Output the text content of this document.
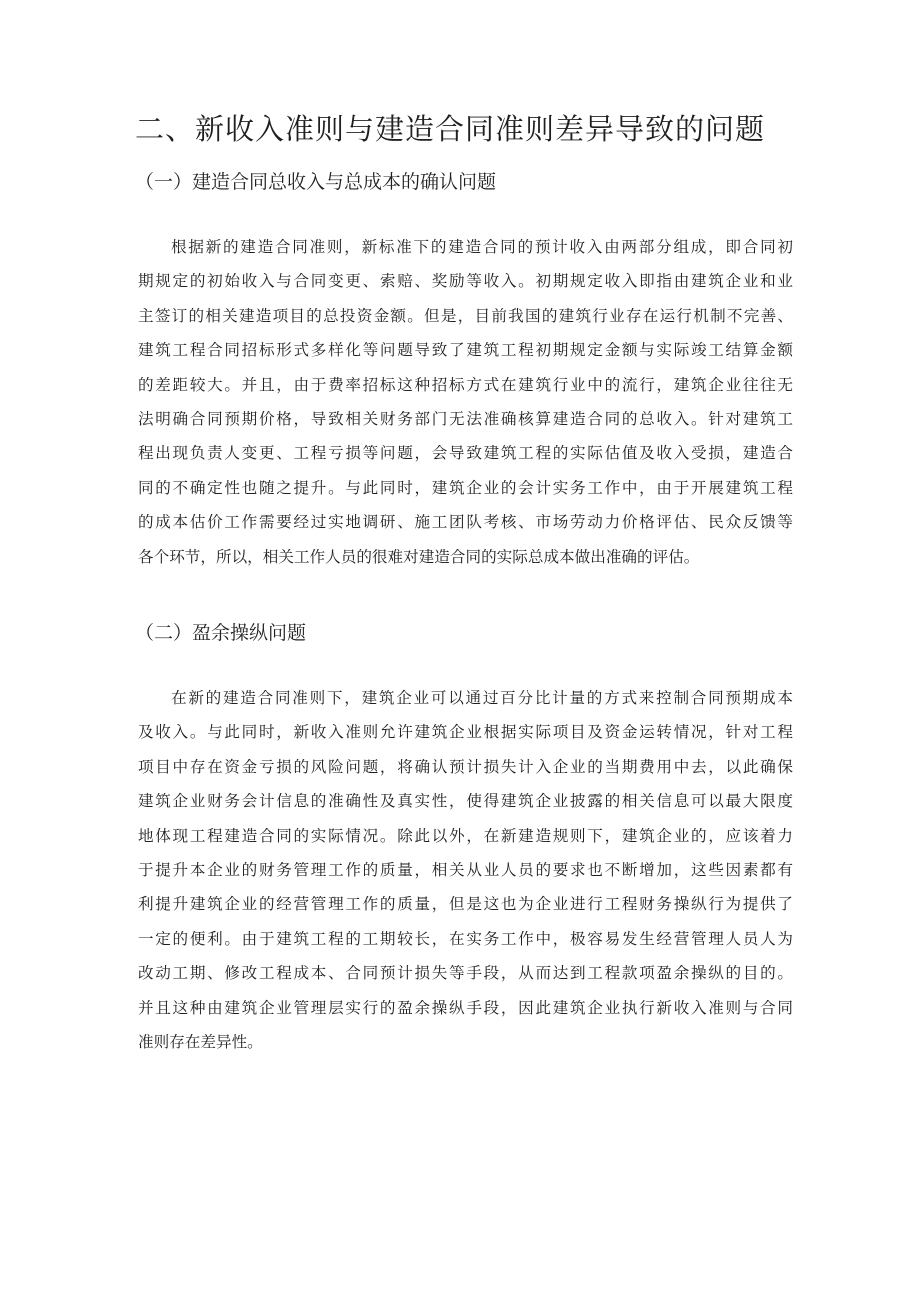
二、新收入准则与建造合同准则差异导致的问题
（一）建造合同总收入与总成本的确认问题

根据新的建造合同准则，新标准下的建造合同的预计收入由两部分组成，即合同初
期规定的初始收入与合同变更、索赔、奖励等收入。初期规定收入即指由建筑企业和业
主签订的相关建造项目的总投资金额。但是，目前我国的建筑行业存在运行机制不完善、
建筑工程合同招标形式多样化等问题导致了建筑工程初期规定金额与实际竣工结算金额
的差距较大。并且，由于费率招标这种招标方式在建筑行业中的流行，建筑企业往往无
法明确合同预期价格，导致相关财务部门无法准确核算建造合同的总收入。针对建筑工
程出现负责人变更、工程亏损等问题，会导致建筑工程的实际估值及收入受损，建造合
同的不确定性也随之提升。与此同时，建筑企业的会计实务工作中，由于开展建筑工程
的成本估价工作需要经过实地调研、施工团队考核、市场劳动力价格评估、民众反馈等
各个环节，所以，相关工作人员的很难对建造合同的实际总成本做出准确的评估。

（二）盈余操纵问题

在新的建造合同准则下，建筑企业可以通过百分比计量的方式来控制合同预期成本
及收入。与此同时，新收入准则允许建筑企业根据实际项目及资金运转情况，针对工程
项目中存在资金亏损的风险问题，将确认预计损失计入企业的当期费用中去，以此确保
建筑企业财务会计信息的准确性及真实性，使得建筑企业披露的相关信息可以最大限度
地体现工程建造合同的实际情况。除此以外，在新建造规则下，建筑企业的，应该着力
于提升本企业的财务管理工作的质量，相关从业人员的要求也不断增加，这些因素都有
利提升建筑企业的经营管理工作的质量，但是这也为企业进行工程财务操纵行为提供了
一定的便利。由于建筑工程的工期较长，在实务工作中，极容易发生经营管理人员人为
改动工期、修改工程成本、合同预计损失等手段，从而达到工程款项盈余操纵的目的。
并且这种由建筑企业管理层实行的盈余操纵手段，因此建筑企业执行新收入准则与合同
准则存在差异性。
